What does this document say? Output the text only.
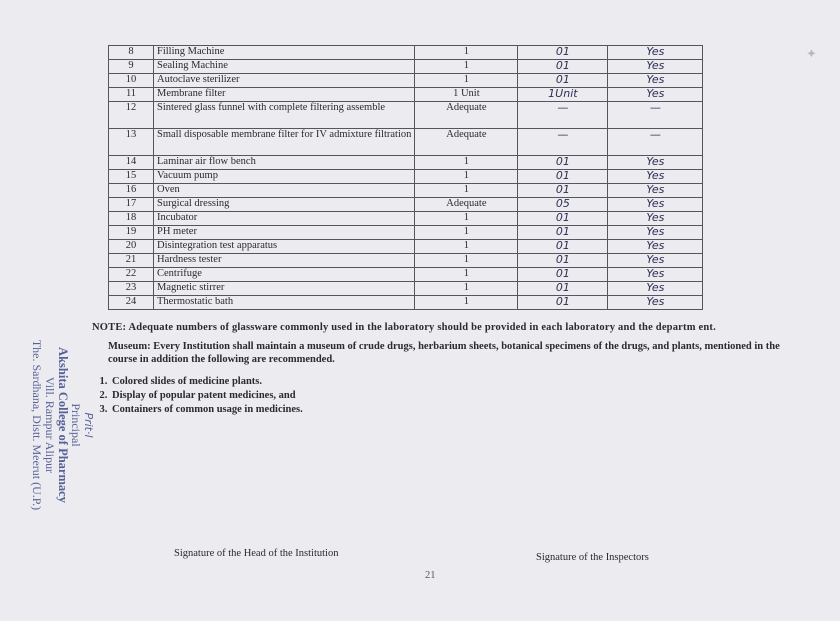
✦
8	Filling Machine	1	01	Yes
9	Sealing Machine	1	01	Yes
10	Autoclave sterilizer	1	01	Yes
11	Membrane filter	1 Unit	1Unit	Yes
12	Sintered glass funnel with complete filtering assemble	Adequate	—	—
13	Small disposable membrane filter for IV admixture filtration	Adequate	—	—
14	Laminar air flow bench	1	01	Yes
15	Vacuum pump	1	01	Yes
16	Oven	1	01	Yes
17	Surgical dressing	Adequate	05	Yes
18	Incubator	1	01	Yes
19	PH meter	1	01	Yes
20	Disintegration test apparatus	1	01	Yes
21	Hardness tester	1	01	Yes
22	Centrifuge	1	01	Yes
23	Magnetic stirrer	1	01	Yes
24	Thermostatic bath	1	01	Yes
NOTE: Adequate numbers of glassware commonly used in the laboratory should be provided in each laboratory and the departm ent.
Museum: Every Institution shall maintain a museum of crude drugs, herbarium sheets, botanical specimens of the drugs, and plants, mentioned in the course in addition the following are recommended.
1. Colored slides of medicine plants.
2. Display of popular patent medicines, and
3. Containers of common usage in medicines.
Prit·l
Principal
Akshita College of Pharmacy
Vill. Rampur Alipur
The. Sardhana, Distt. Meerut (U.P.)
Signature of the Head of the Institution	Signature of the Inspectors
21
